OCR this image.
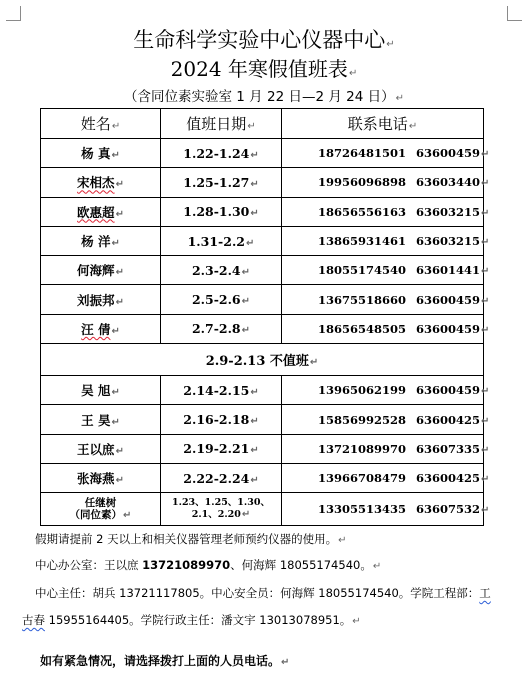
生命科学实验中心仪器中心↵
2024 年寒假值班表↵
（含同位素实验室 1 月 22 日—2 月 24 日）↵
姓名↵	值班日期↵	联系电话↵
杨 真↵	1.22-1.24↵	18726481501 63600459↵
宋相杰↵	1.25-1.27↵	19956096898 63603440↵
欧惠超↵	1.28-1.30↵	18656556163 63603215↵
杨 洋↵	1.31-2.2↵	13865931461 63603215↵
何海辉↵	2.3-2.4↵	18055174540 63601441↵
刘振邦↵	2.5-2.6↵	13675518660 63600459↵
汪 倩↵	2.7-2.8↵	18656548505 63600459↵
2.9-2.13 不值班↵		
吴 旭↵	2.14-2.15↵	13965062199 63600459↵
王 昊↵	2.16-2.18↵	15856992528 63600425↵
王以庶↵	2.19-2.21↵	13721089970 63607335↵
张海燕↵	2.22-2.24↵	13966708479 63600425↵
任继树
（同位素）↵	1.23、1.25、1.30、
2.1、2.20↵	13305513435 63607532↵
假期请提前 2 天以上和相关仪器管理老师预约仪器的使用。↵
中心办公室：王以庶 13721089970、何海辉 18055174540。↵
中心主任：胡兵 13721117805。中心安全员：何海辉 18055174540。学院工程部：工
古春 15955164405。学院行政主任：潘文宇 13013078951。↵
如有紧急情况，请选择拨打上面的人员电话。↵
